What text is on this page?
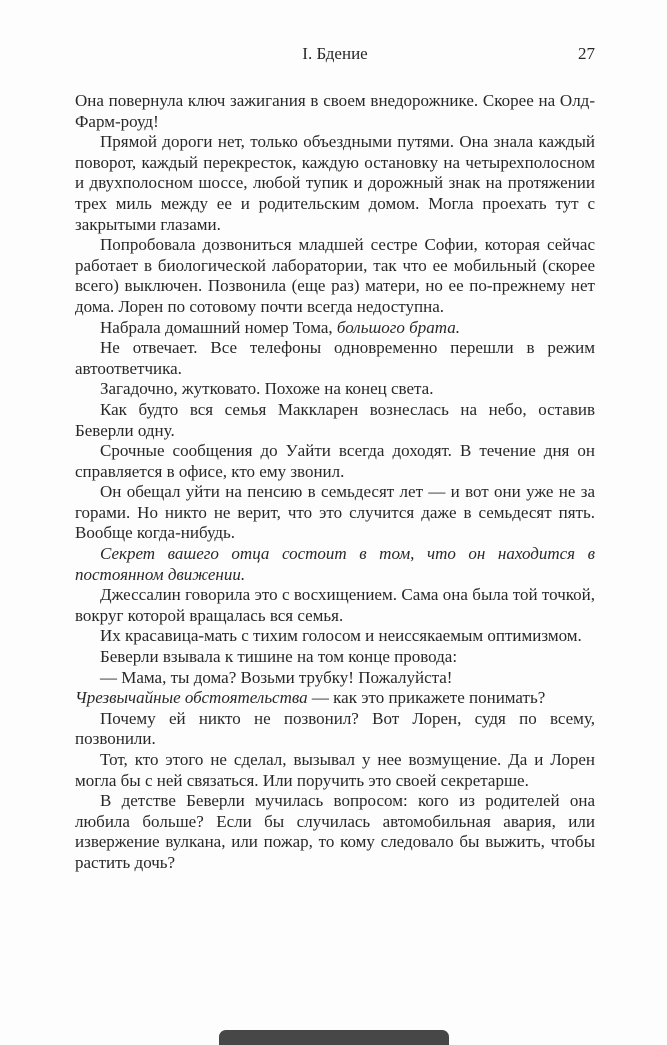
I. Бдение	27

Она повернула ключ зажигания в своем внедорожнике. Скорее на Олд-Фарм-роуд!

Прямой дороги нет, только объездными путями. Она знала каждый поворот, каждый перекресток, каждую остановку на четырехполосном и двухполосном шоссе, любой тупик и дорожный знак на протяжении трех миль между ее и родительским домом. Могла проехать тут с закрытыми глазами.

Попробовала дозвониться младшей сестре Софии, которая сейчас работает в биологической лаборатории, так что ее мобильный (скорее всего) выключен. Позвонила (еще раз) матери, но ее по-прежнему нет дома. Лорен по сотовому почти всегда недоступна.

Набрала домашний номер Тома, большого брата.

Не отвечает. Все телефоны одновременно перешли в режим автоответчика.

Загадочно, жутковато. Похоже на конец света.

Как будто вся семья Маккларен вознеслась на небо, оставив Беверли одну.

Срочные сообщения до Уайти всегда доходят. В течение дня он справляется в офисе, кто ему звонил.

Он обещал уйти на пенсию в семьдесят лет — и вот они уже не за горами. Но никто не верит, что это случится даже в семьдесят пять. Вообще когда-нибудь.

Секрет вашего отца состоит в том, что он находится в постоянном движении.

Джессалин говорила это с восхищением. Сама она была той точкой, вокруг которой вращалась вся семья.

Их красавица-мать с тихим голосом и неиссякаемым оптимизмом.

Беверли взывала к тишине на том конце провода:

— Мама, ты дома? Возьми трубку! Пожалуйста!

Чрезвычайные обстоятельства — как это прикажете понимать?

Почему ей никто не позвонил? Вот Лорен, судя по всему, позвонили.

Тот, кто этого не сделал, вызывал у нее возмущение. Да и Лорен могла бы с ней связаться. Или поручить это своей секретарше.

В детстве Беверли мучилась вопросом: кого из родителей она любила больше? Если бы случилась автомобильная авария, или извержение вулкана, или пожар, то кому следовало бы выжить, чтобы растить дочь?
